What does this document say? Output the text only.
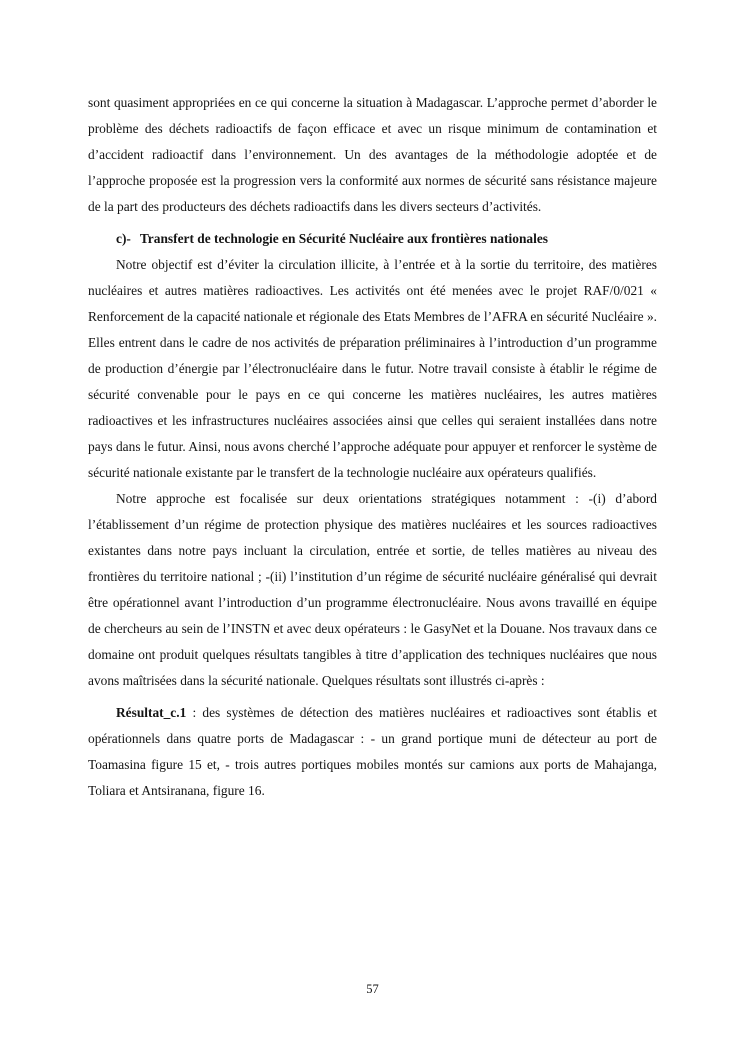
sont quasiment appropriées en ce qui concerne la situation à Madagascar. L’approche permet d’aborder le problème des déchets radioactifs de façon efficace et avec un risque minimum de contamination et d’accident radioactif dans l’environnement. Un des avantages de la méthodologie adoptée et de l’approche proposée est la progression vers la conformité aux normes de sécurité sans résistance majeure de la part des producteurs des déchets radioactifs dans les divers secteurs d’activités.

c)- Transfert de technologie en Sécurité Nucléaire aux frontières nationales

Notre objectif est d’éviter la circulation illicite, à l’entrée et à la sortie du territoire, des matières nucléaires et autres matières radioactives. Les activités ont été menées avec le projet RAF/0/021 « Renforcement de la capacité nationale et régionale des Etats Membres de l’AFRA en sécurité Nucléaire ». Elles entrent dans le cadre de nos activités de préparation préliminaires à l’introduction d’un programme de production d’énergie par l’électronucléaire dans le futur. Notre travail consiste à établir le régime de sécurité convenable pour le pays en ce qui concerne les matières nucléaires, les autres matières radioactives et les infrastructures nucléaires associées ainsi que celles qui seraient installées dans notre pays dans le futur. Ainsi, nous avons cherché l’approche adéquate pour appuyer et renforcer le système de sécurité nationale existante par le transfert de la technologie nucléaire aux opérateurs qualifiés.

Notre approche est focalisée sur deux orientations stratégiques notamment : -(i) d’abord l’établissement d’un régime de protection physique des matières nucléaires et les sources radioactives existantes dans notre pays incluant la circulation, entrée et sortie, de telles matières au niveau des frontières du territoire national ; -(ii) l’institution d’un régime de sécurité nucléaire généralisé qui devrait être opérationnel avant l’introduction d’un programme électronucléaire. Nous avons travaillé en équipe de chercheurs au sein de l’INSTN et avec deux opérateurs : le GasyNet et la Douane. Nos travaux dans ce domaine ont produit quelques résultats tangibles à titre d’application des techniques nucléaires que nous avons maîtrisées dans la sécurité nationale. Quelques résultats sont illustrés ci-après :

Résultat_c.1 : des systèmes de détection des matières nucléaires et radioactives sont établis et opérationnels dans quatre ports de Madagascar : - un grand portique muni de détecteur au port de Toamasina figure 15 et, - trois autres portiques mobiles montés sur camions aux ports de Mahajanga, Toliara et Antsiranana, figure 16.

57
